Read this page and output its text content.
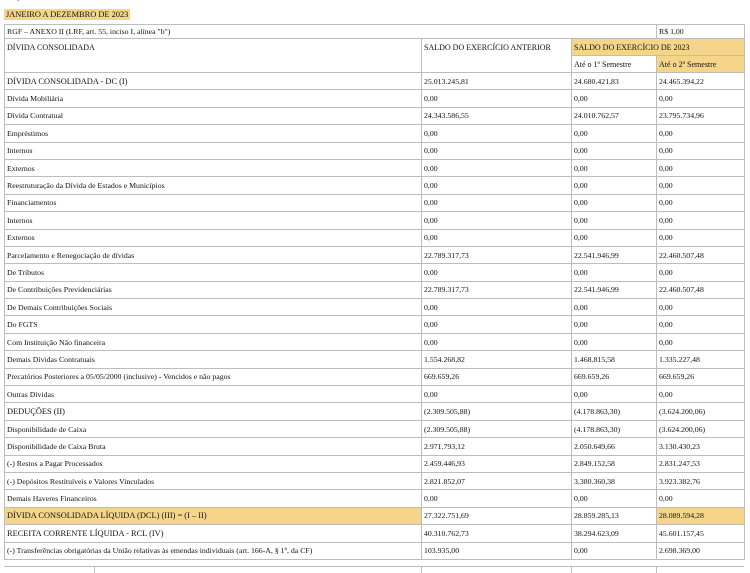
JANEIRO A DEZEMBRO DE 2023
RGF – ANEXO II (LRF, art. 55, inciso I, alínea "b")			R$ 1,00
DÍVIDA CONSOLIDADA	SALDO DO EXERCÍCIO ANTERIOR	SALDO DO EXERCÍCIO DE 2023	
		Até o 1º Semestre	Até o 2º Semestre
DÍVIDA CONSOLIDADA - DC (I)	25.013.245,81	24.680.421,83	24.465.394,22
Dívida Mobiliária	0,00	0,00	0,00
Dívida Contratual	24.343.586,55	24.010.762,57	23.795.734,96
Empréstimos	0,00	0,00	0,00
Internos	0,00	0,00	0,00
Externos	0,00	0,00	0,00
Reestruturação da Dívida de Estados e Municípios	0,00	0,00	0,00
Financiamentos	0,00	0,00	0,00
Internos	0,00	0,00	0,00
Externos	0,00	0,00	0,00
Parcelamento e Renegociação de dívidas	22.789.317,73	22.541.946,99	22.460.507,48
De Tributos	0,00	0,00	0,00
De Contribuições Previdenciárias	22.789.317,73	22.541.946,99	22.460.507,48
De Demais Contribuições Sociais	0,00	0,00	0,00
Do FGTS	0,00	0,00	0,00
Com Instituição Não financeira	0,00	0,00	0,00
Demais Dívidas Contratuais	1.554.268,82	1.468.815,58	1.335.227,48
Precatórios Posteriores a 05/05/2000 (inclusive) - Vencidos e não pagos	669.659,26	669.659,26	669.659,26
Outras Dívidas	0,00	0,00	0,00
DEDUÇÕES (II)	(2.309.505,88)	(4.178.863,30)	(3.624.200,06)
Disponibilidade de Caixa	(2.309.505,88)	(4.178.863,30)	(3.624.200,06)
Disponibilidade de Caixa Bruta	2.971.793,12	2.050.649,66	3.130.430,23
(-) Restos a Pagar Processados	2.459.446,93	2.849.152,58	2.831.247,53
(-) Depósitos Restituíveis e Valores Vinculados	2.821.852,07	3.380.360,38	3.923.382,76
Demais Haveres Financeiros	0,00	0,00	0,00
DÍVIDA CONSOLIDADA LÍQUIDA (DCL) (III) = (I – II)	27.322.751,69	28.859.285,13	28.089.594,28
RECEITA CORRENTE LÍQUIDA - RCL (IV)	40.310.762,73	38.294.623,09	45.601.157,45
(-) Transferências obrigatórias da União relativas às emendas individuais (art. 166-A, § 1º, da CF)	103.935,00	0,00	2.698.369,00
